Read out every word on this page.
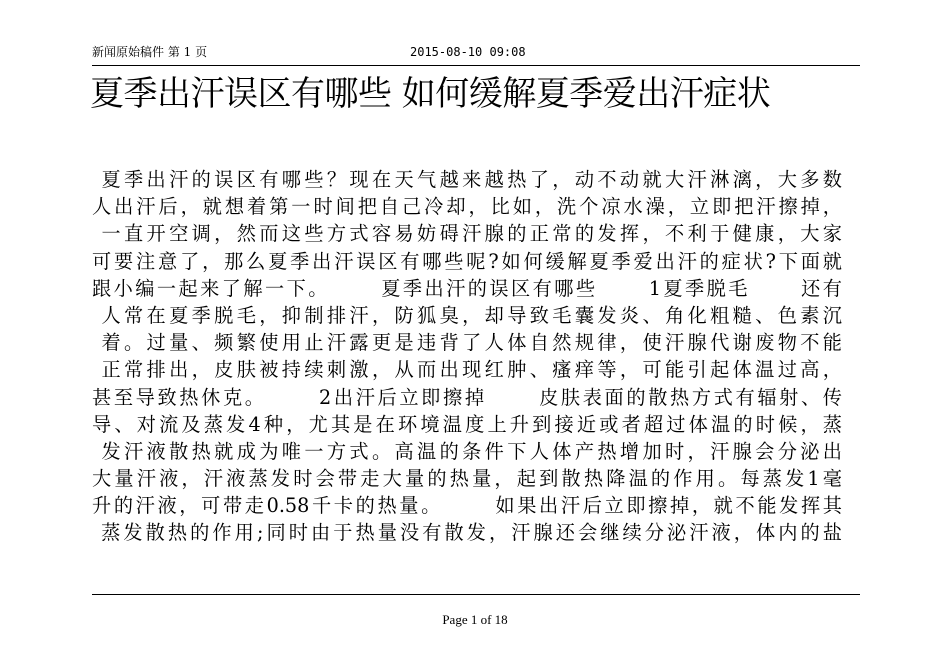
新闻原始稿件 第 1 页	2015-08-10 09:08
夏季出汗误区有哪些 如何缓解夏季爱出汗症状
夏季出汗的误区有哪些？现在天气越来越热了，动不动就大汗淋漓，大多数
人出汗后，就想着第一时间把自己冷却，比如，洗个凉水澡，立即把汗擦掉，
一直开空调，然而这些方式容易妨碍汗腺的正常的发挥，不利于健康，大家
可要注意了，那么夏季出汗误区有哪些呢?如何缓解夏季爱出汗的症状?下面就
跟小编一起来了解一下。      夏季出汗的误区有哪些      1夏季脱毛      还有
人常在夏季脱毛，抑制排汗，防狐臭，却导致毛囊发炎、角化粗糙、色素沉
着。过量、频繁使用止汗露更是违背了人体自然规律，使汗腺代谢废物不能
正常排出，皮肤被持续刺激，从而出现红肿、瘙痒等，可能引起体温过高，
甚至导致热休克。      2出汗后立即擦掉      皮肤表面的散热方式有辐射、传
导、对流及蒸发4种，尤其是在环境温度上升到接近或者超过体温的时候，蒸
发汗液散热就成为唯一方式。高温的条件下人体产热增加时，汗腺会分泌出
大量汗液，汗液蒸发时会带走大量的热量，起到散热降温的作用。每蒸发1毫
升的汗液，可带走0.58千卡的热量。      如果出汗后立即擦掉，就不能发挥其
蒸发散热的作用;同时由于热量没有散发，汗腺还会继续分泌汗液，体内的盐
Page 1 of 18
